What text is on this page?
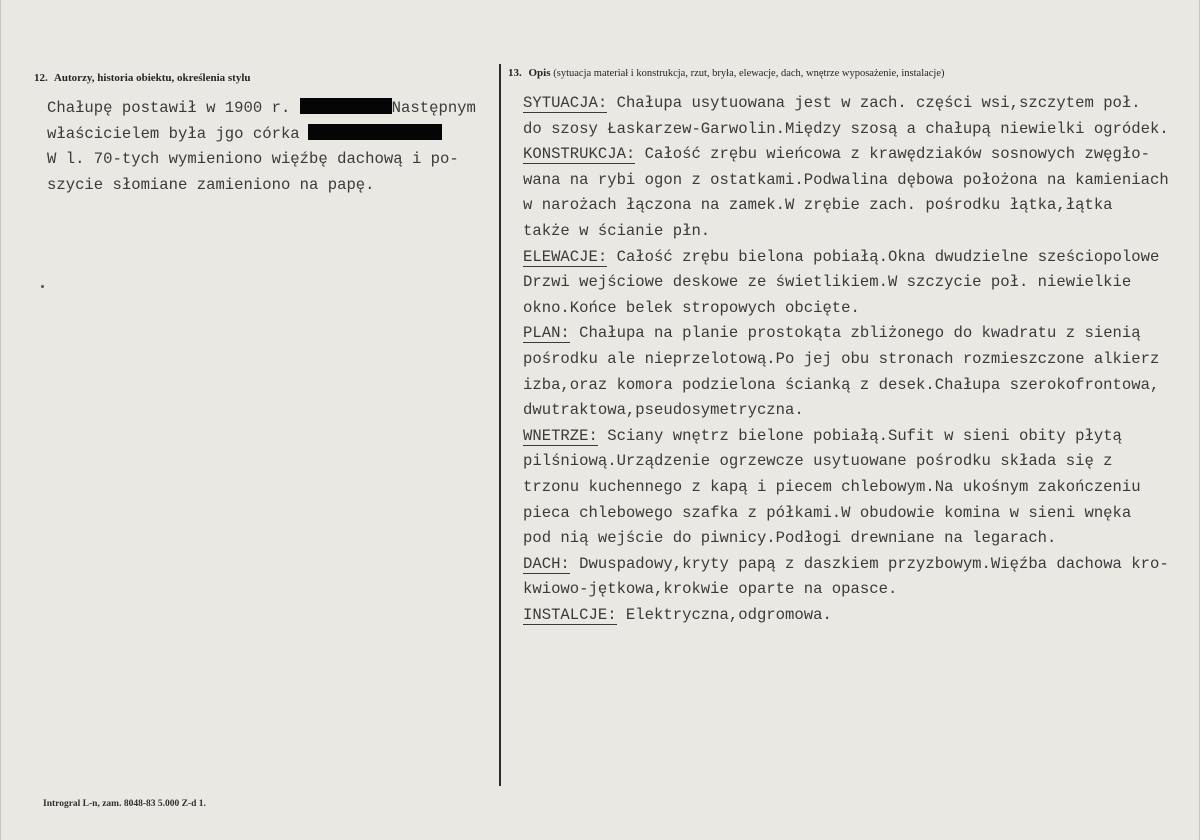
12. Autorzy, historia obiektu, określenia stylu	13. Opis (sytuacja materiał i konstrukcja, rzut, bryła, elewacje, dach, wnętrze wyposażenie, instalacje)
Chałupę postawił w 1900 r.	Następnym
właścicielem była jgo córka
W l. 70-tych wymieniono więźbę dachową i po-
szycie słomiane zamieniono na papę.
SYTUACJA: Chałupa usytuowana jest w zach. części wsi,szczytem poł.
do szosy Łaskarzew-Garwolin.Między szosą a chałupą niewielki ogródek.
KONSTRUKCJA: Całość zrębu wieńcowa z krawędziaków sosnowych zwęgło-
wana na rybi ogon z ostatkami.Podwalina dębowa położona na kamieniach
w narożach łączona na zamek.W zrębie zach. pośrodku łątka,łątka
także w ścianie płn.
ELEWACJE: Całość zrębu bielona pobiałą.Okna dwudzielne sześciopolowe
Drzwi wejściowe deskowe ze świetlikiem.W szczycie poł. niewielkie
okno.Końce belek stropowych obcięte.
PLAN: Chałupa na planie prostokąta zbliżonego do kwadratu z sienią
pośrodku ale nieprzelotową.Po jej obu stronach rozmieszczone alkierz
izba,oraz komora podzielona ścianką z desek.Chałupa szerokofrontowa,
dwutraktowa,pseudosymetryczna.
WNETRZE: Sciany wnętrz bielone pobiałą.Sufit w sieni obity płytą
pilśniową.Urządzenie ogrzewcze usytuowane pośrodku składa się z
trzonu kuchennego z kapą i piecem chlebowym.Na ukośnym zakończeniu
pieca chlebowego szafka z półkami.W obudowie komina w sieni wnęka
pod nią wejście do piwnicy.Podłogi drewniane na legarach.
DACH: Dwuspadowy,kryty papą z daszkiem przyzbowym.Więźba dachowa kro-
kwiowo-jętkowa,krokwie oparte na opasce.
INSTALCJE: Elektryczna,odgromowa.
Introgral L-n, zam. 8048-83 5.000 Z-d 1.
